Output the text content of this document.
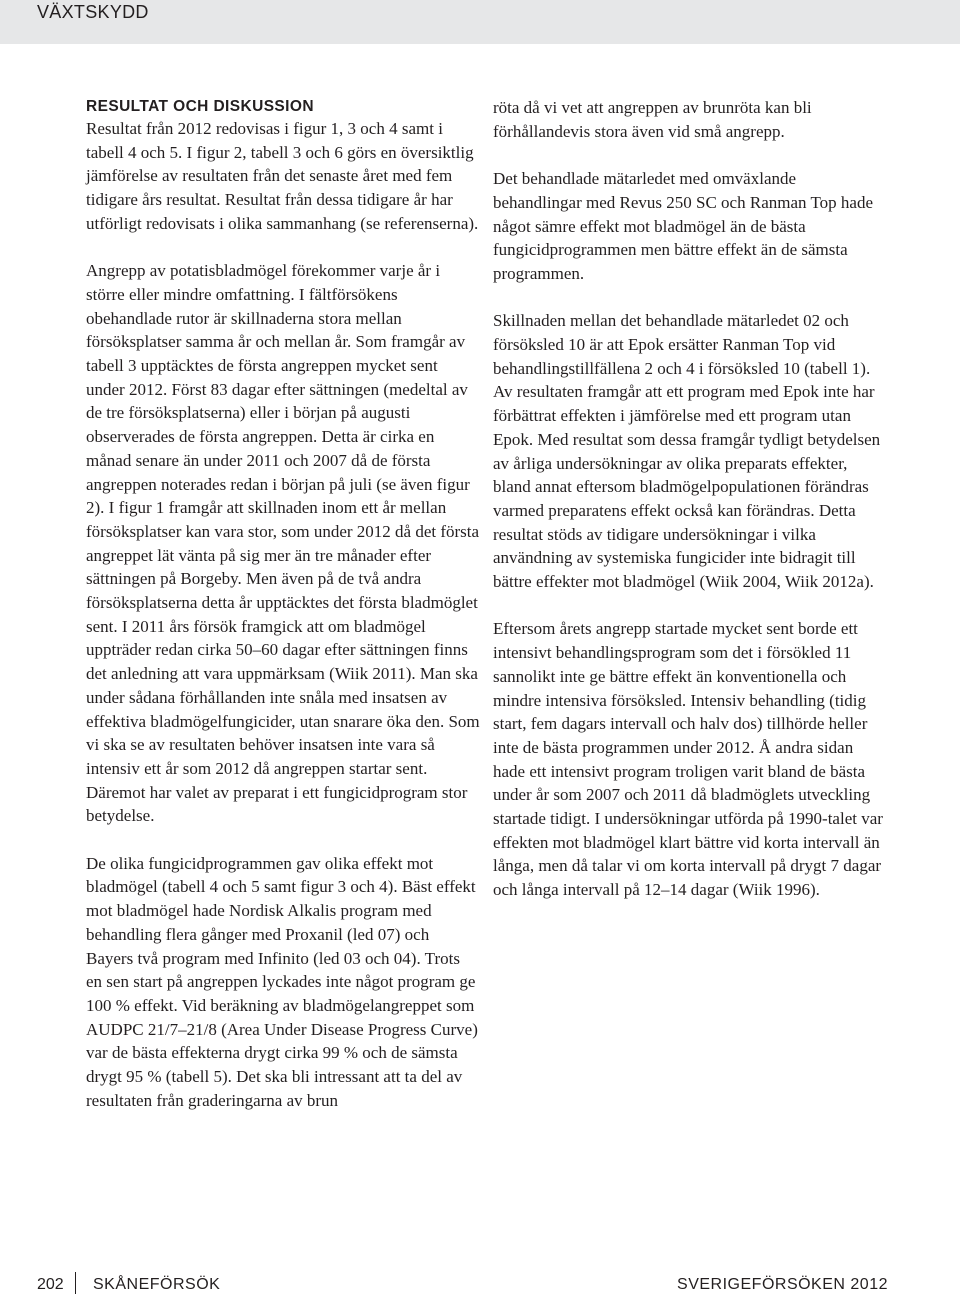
VÄXTSKYDD

RESULTAT OCH DISKUSSION

Resultat från 2012 redovisas i figur 1, 3 och 4 samt i tabell 4 och 5. I figur 2, tabell 3 och 6 görs en översiktlig jämförelse av resultaten från det senaste året med fem tidigare års resultat. Resultat från dessa tidigare år har utförligt redovisats i olika sammanhang (se referenserna).

Angrepp av potatisbladmögel förekommer varje år i större eller mindre omfattning. I fältförsökens obehandlade rutor är skillnaderna stora mellan försöksplatser samma år och mellan år. Som framgår av tabell 3 upptäcktes de första angreppen mycket sent under 2012. Först 83 dagar efter sättningen (medeltal av de tre försöksplatserna) eller i början på augusti observerades de första angreppen. Detta är cirka en månad senare än under 2011 och 2007 då de första angreppen noterades redan i början på juli (se även figur 2). I figur 1 framgår att skillnaden inom ett år mellan försöksplatser kan vara stor, som under 2012 då det första angreppet lät vänta på sig mer än tre månader efter sättningen på Borgeby. Men även på de två andra försöksplatserna detta år upptäcktes det första bladmöglet sent. I 2011 års försök framgick att om bladmögel uppträder redan cirka 50–60 dagar efter sättningen finns det anledning att vara uppmärksam (Wiik 2011). Man ska under sådana förhållanden inte snåla med insatsen av effektiva bladmögelfungicider, utan snarare öka den. Som vi ska se av resultaten behöver insatsen inte vara så intensiv ett år som 2012 då angreppen startar sent. Däremot har valet av preparat i ett fungicidprogram stor betydelse.

De olika fungicidprogrammen gav olika effekt mot bladmögel (tabell 4 och 5 samt figur 3 och 4). Bäst effekt mot bladmögel hade Nordisk Alkalis program med behandling flera gånger med Proxanil (led 07) och Bayers två program med Infinito (led 03 och 04). Trots en sen start på angreppen lyckades inte något program ge 100 % effekt. Vid beräkning av bladmögelangreppet som AUDPC 21/7–21/8 (Area Under Disease Progress Curve) var de bästa effekterna drygt cirka 99 % och de sämsta drygt 95 % (tabell 5). Det ska bli intressant att ta del av resultaten från graderingarna av brun

röta då vi vet att angreppen av brunröta kan bli förhållandevis stora även vid små angrepp.

Det behandlade mätarledet med omväxlande behandlingar med Revus 250 SC och Ranman Top hade något sämre effekt mot bladmögel än de bästa fungicidprogrammen men bättre effekt än de sämsta programmen.

Skillnaden mellan det behandlade mätarledet 02 och försöksled 10 är att Epok ersätter Ranman Top vid behandlingstillfällena 2 och 4 i försöksled 10 (tabell 1). Av resultaten framgår att ett program med Epok inte har förbättrat effekten i jämförelse med ett program utan Epok. Med resultat som dessa framgår tydligt betydelsen av årliga undersökningar av olika preparats effekter, bland annat eftersom bladmögelpopulationen förändras varmed preparatens effekt också kan förändras. Detta resultat stöds av tidigare undersökningar i vilka användning av systemiska fungicider inte bidragit till bättre effekter mot bladmögel (Wiik 2004, Wiik 2012a).

Eftersom årets angrepp startade mycket sent borde ett intensivt behandlingsprogram som det i försökled 11 sannolikt inte ge bättre effekt än konventionella och mindre intensiva försöksled. Intensiv behandling (tidig start, fem dagars intervall och halv dos) tillhörde heller inte de bästa programmen under 2012. Å andra sidan hade ett intensivt program troligen varit bland de bästa under år som 2007 och 2011 då bladmöglets utveckling startade tidigt. I undersökningar utförda på 1990-talet var effekten mot bladmögel klart bättre vid korta intervall än långa, men då talar vi om korta intervall på drygt 7 dagar och långa intervall på 12–14 dagar (Wiik 1996).

202 SKÅNEFÖRSÖK	SVERIGEFÖRSÖKEN 2012
